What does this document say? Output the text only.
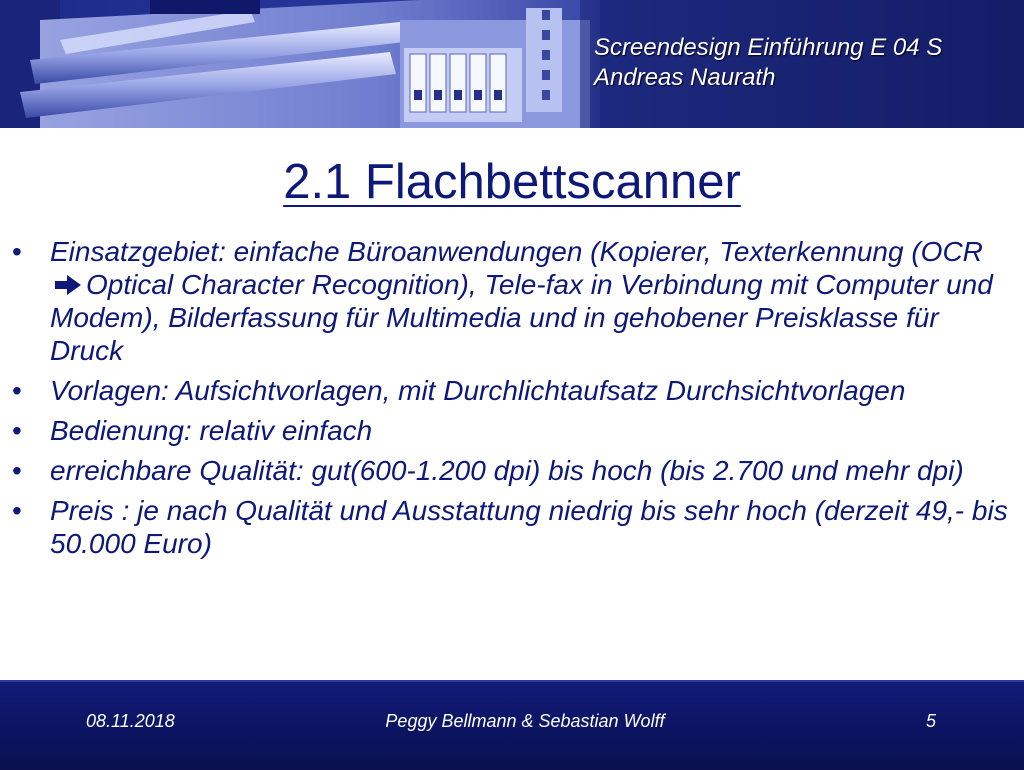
Screendesign Einführung E 04 S
Andreas Naurath
2.1 Flachbettscanner
• Einsatzgebiet: einfache Büroanwendungen (Kopierer, Texterkennung (OCROptical Character Recognition), Tele-fax in Verbindung mit Computer und Modem), Bilderfassung für Multimedia und in gehobener Preisklasse für Druck
• Vorlagen: Aufsichtvorlagen, mit Durchlichtaufsatz Durchsichtvorlagen
• Bedienung: relativ einfach
• erreichbare Qualität: gut(600-1.200 dpi) bis hoch (bis 2.700 und mehr dpi)
• Preis : je nach Qualität und Ausstattung niedrig bis sehr hoch (derzeit 49,- bis 50.000 Euro)
08.11.2018	Peggy Bellmann & Sebastian Wolff	5
